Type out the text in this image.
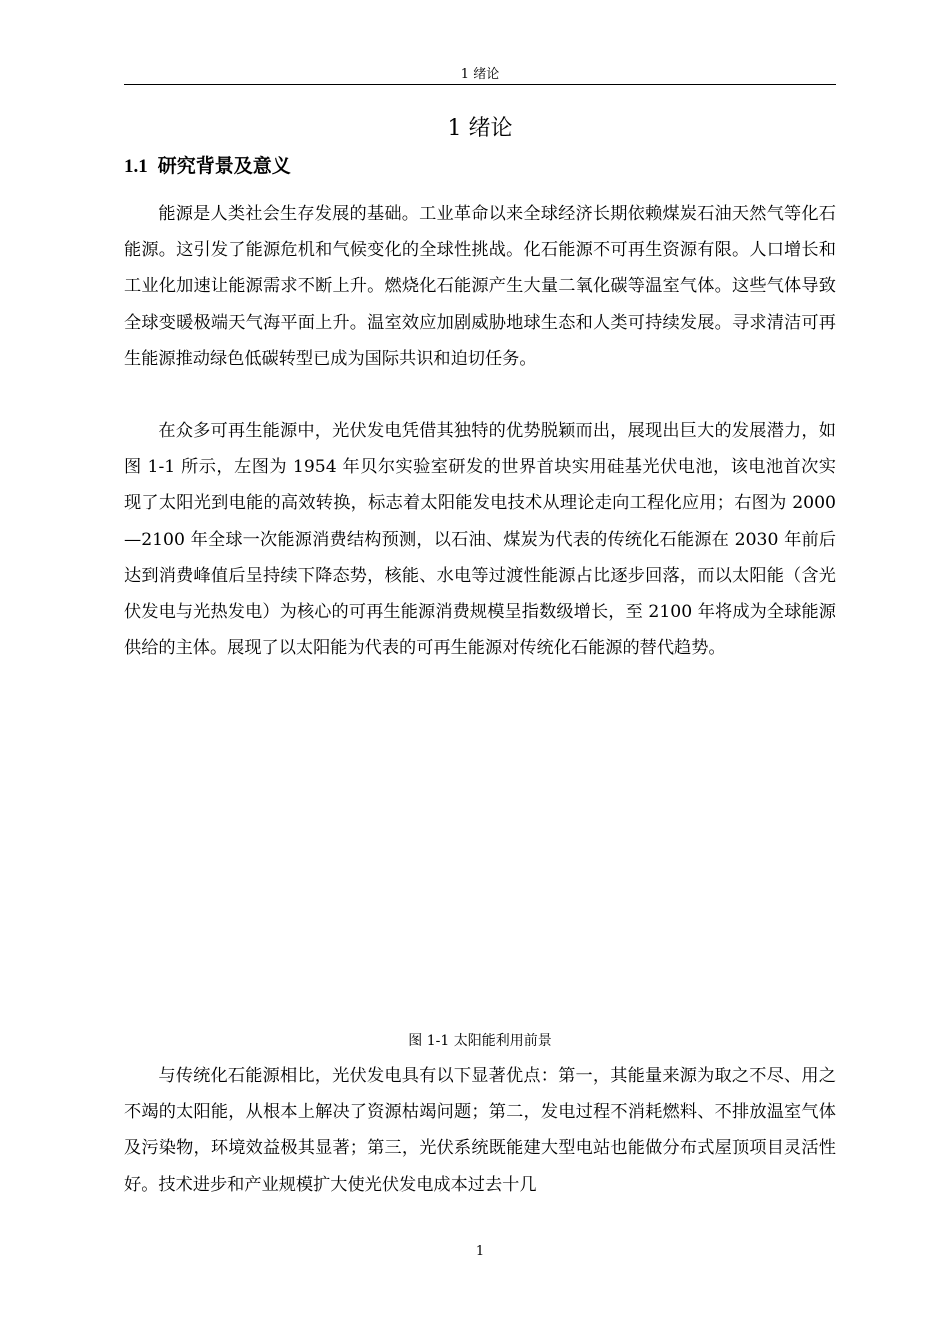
1 绪论
1 绪论
1.1 研究背景及意义

能源是人类社会生存发展的基础。工业革命以来全球经济长期依赖煤炭石油天然气等化石能源。这引发了能源危机和气候变化的全球性挑战。化石能源不可再生资源有限。人口增长和工业化加速让能源需求不断上升。燃烧化石能源产生大量二氧化碳等温室气体。这些气体导致全球变暖极端天气海平面上升。温室效应加剧威胁地球生态和人类可持续发展。寻求清洁可再生能源推动绿色低碳转型已成为国际共识和迫切任务。

在众多可再生能源中，光伏发电凭借其独特的优势脱颖而出，展现出巨大的发展潜力，如图 1-1 所示，左图为 1954 年贝尔实验室研发的世界首块实用硅基光伏电池，该电池首次实现了太阳光到电能的高效转换，标志着太阳能发电技术从理论走向工程化应用；右图为 2000—2100 年全球一次能源消费结构预测，以石油、煤炭为代表的传统化石能源在 2030 年前后达到消费峰值后呈持续下降态势，核能、水电等过渡性能源占比逐步回落，而以太阳能（含光伏发电与光热发电）为核心的可再生能源消费规模呈指数级增长，至 2100 年将成为全球能源供给的主体。展现了以太阳能为代表的可再生能源对传统化石能源的替代趋势。

图 1-1 太阳能利用前景

与传统化石能源相比，光伏发电具有以下显著优点：第一，其能量来源为取之不尽、用之不竭的太阳能，从根本上解决了资源枯竭问题；第二，发电过程不消耗燃料、不排放温室气体及污染物，环境效益极其显著；第三，光伏系统既能建大型电站也能做分布式屋顶项目灵活性好。技术进步和产业规模扩大使光伏发电成本过去十几

1
